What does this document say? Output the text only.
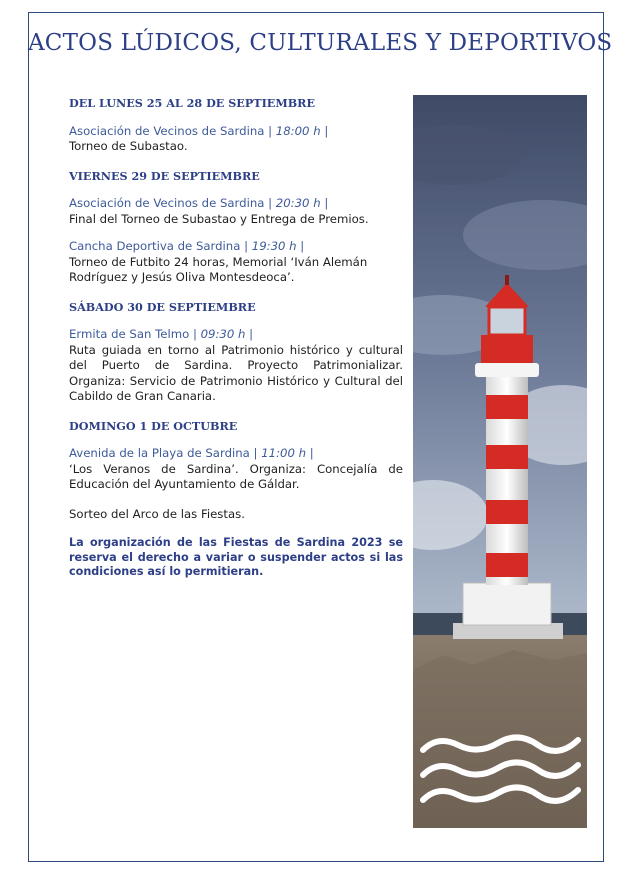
ACTOS LÚDICOS, CULTURALES Y DEPORTIVOS
DEL LUNES 25 AL 28 DE SEPTIEMBRE
Asociación de Vecinos de Sardina | 18:00 h |
Torneo de Subastao.
VIERNES 29 DE SEPTIEMBRE
Asociación de Vecinos de Sardina | 20:30 h |
Final del Torneo de Subastao y Entrega de Premios.
Cancha Deportiva de Sardina | 19:30 h |
Torneo de Futbito 24 horas, Memorial ‘Iván Alemán Rodríguez y Jesús Oliva Montesdeoca’.
SÁBADO 30 DE SEPTIEMBRE
Ermita de San Telmo | 09:30 h |
Ruta guiada en torno al Patrimonio histórico y cultural del Puerto de Sardina. Proyecto Patrimonializar. Organiza: Servicio de Patrimonio Histórico y Cultural del Cabildo de Gran Canaria.
DOMINGO 1 DE OCTUBRE
Avenida de la Playa de Sardina | 11:00 h |
‘Los Veranos de Sardina’. Organiza: Concejalía de Educación del Ayuntamiento de Gáldar.
Sorteo del Arco de las Fiestas.
La organización de las Fiestas de Sardina 2023 se reserva el derecho a variar o suspender actos si las condiciones así lo permitieran.
